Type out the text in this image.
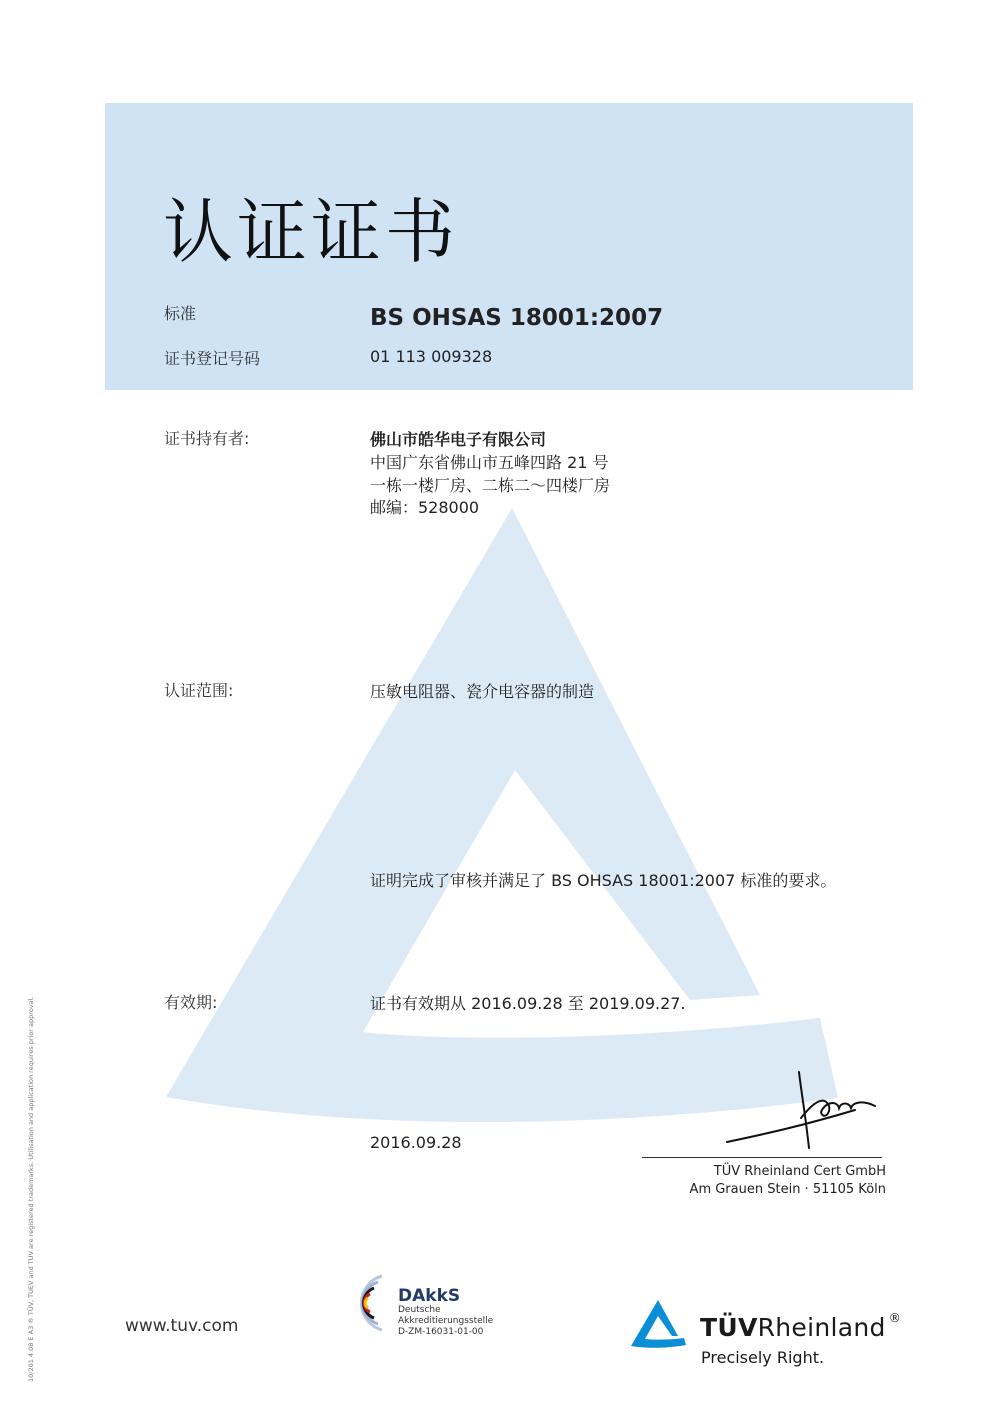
认证证书
标准	BS OHSAS 18001:2007
证书登记号码	01 113 009328
证书持有者:	佛山市皓华电子有限公司
中国广东省佛山市五峰四路 21 号
一栋一楼厂房、二栋二～四楼厂房
邮编：528000
认证范围:	压敏电阻器、瓷介电容器的制造
证明完成了审核并满足了 BS OHSAS 18001:2007 标准的要求。
有效期:	证书有效期从 2016.09.28 至 2019.09.27.
2016.09.28
TÜV Rheinland Cert GmbH
Am Grauen Stein · 51105 Köln
www.tuv.com
DAkkS
Deutsche
Akkreditierungsstelle
D-ZM-16031-01-00	TÜVRheinland ®
Precisely Right.
10/201 4.08 E A3 ® TÜV, TUEV and TUV are registered trademarks. Utilisation and application requires prior approval.
